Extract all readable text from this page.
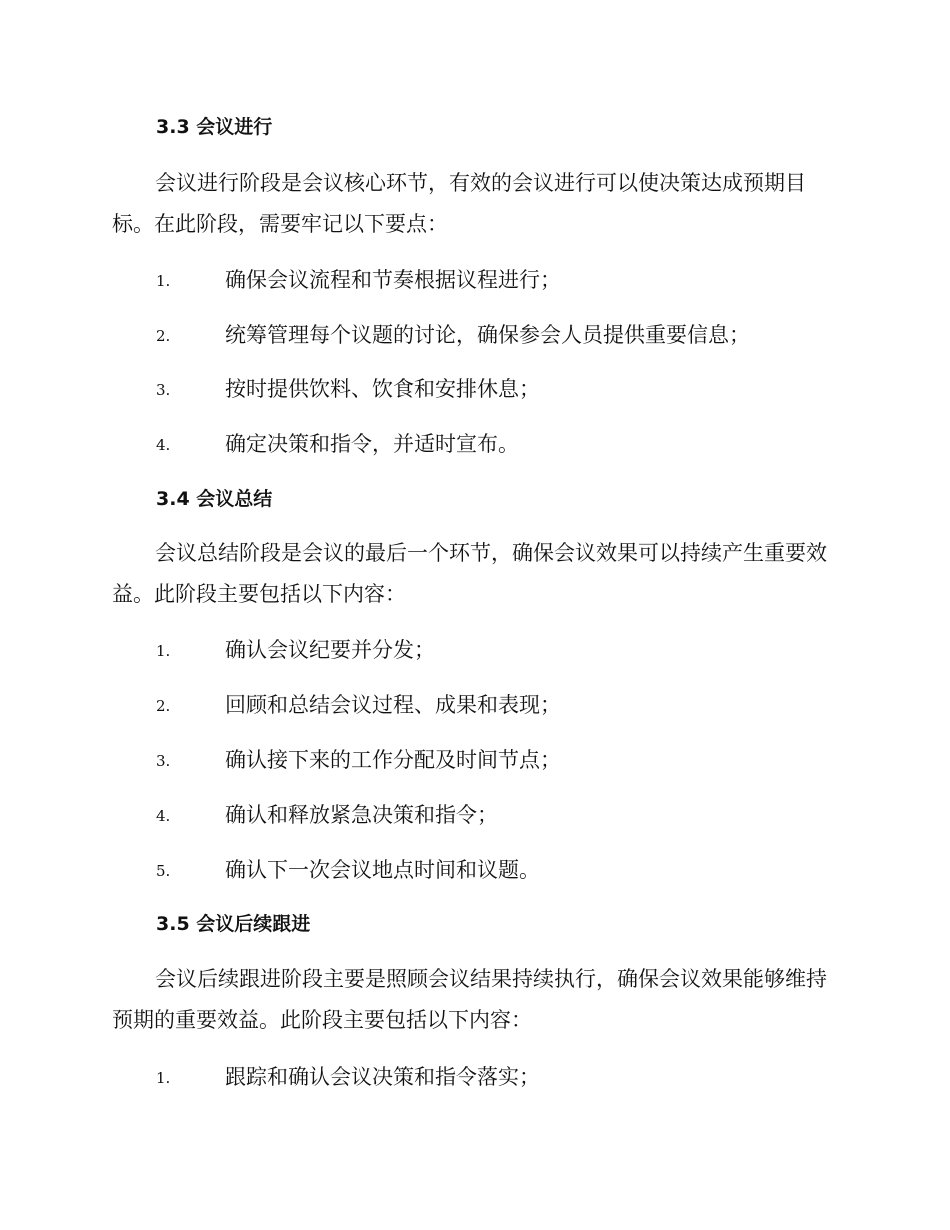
3.3 会议进行

会议进行阶段是会议核心环节，有效的会议进行可以使决策达成预期目标。在此阶段，需要牢记以下要点：

1.	确保会议流程和节奏根据议程进行；
2.	统筹管理每个议题的讨论，确保参会人员提供重要信息；
3.	按时提供饮料、饮食和安排休息；
4.	确定决策和指令，并适时宣布。
3.4 会议总结

会议总结阶段是会议的最后一个环节，确保会议效果可以持续产生重要效益。此阶段主要包括以下内容：

1.	确认会议纪要并分发；
2.	回顾和总结会议过程、成果和表现；
3.	确认接下来的工作分配及时间节点；
4.	确认和释放紧急决策和指令；
5.	确认下一次会议地点时间和议题。
3.5 会议后续跟进

会议后续跟进阶段主要是照顾会议结果持续执行，确保会议效果能够维持预期的重要效益。此阶段主要包括以下内容：

1.	跟踪和确认会议决策和指令落实；
